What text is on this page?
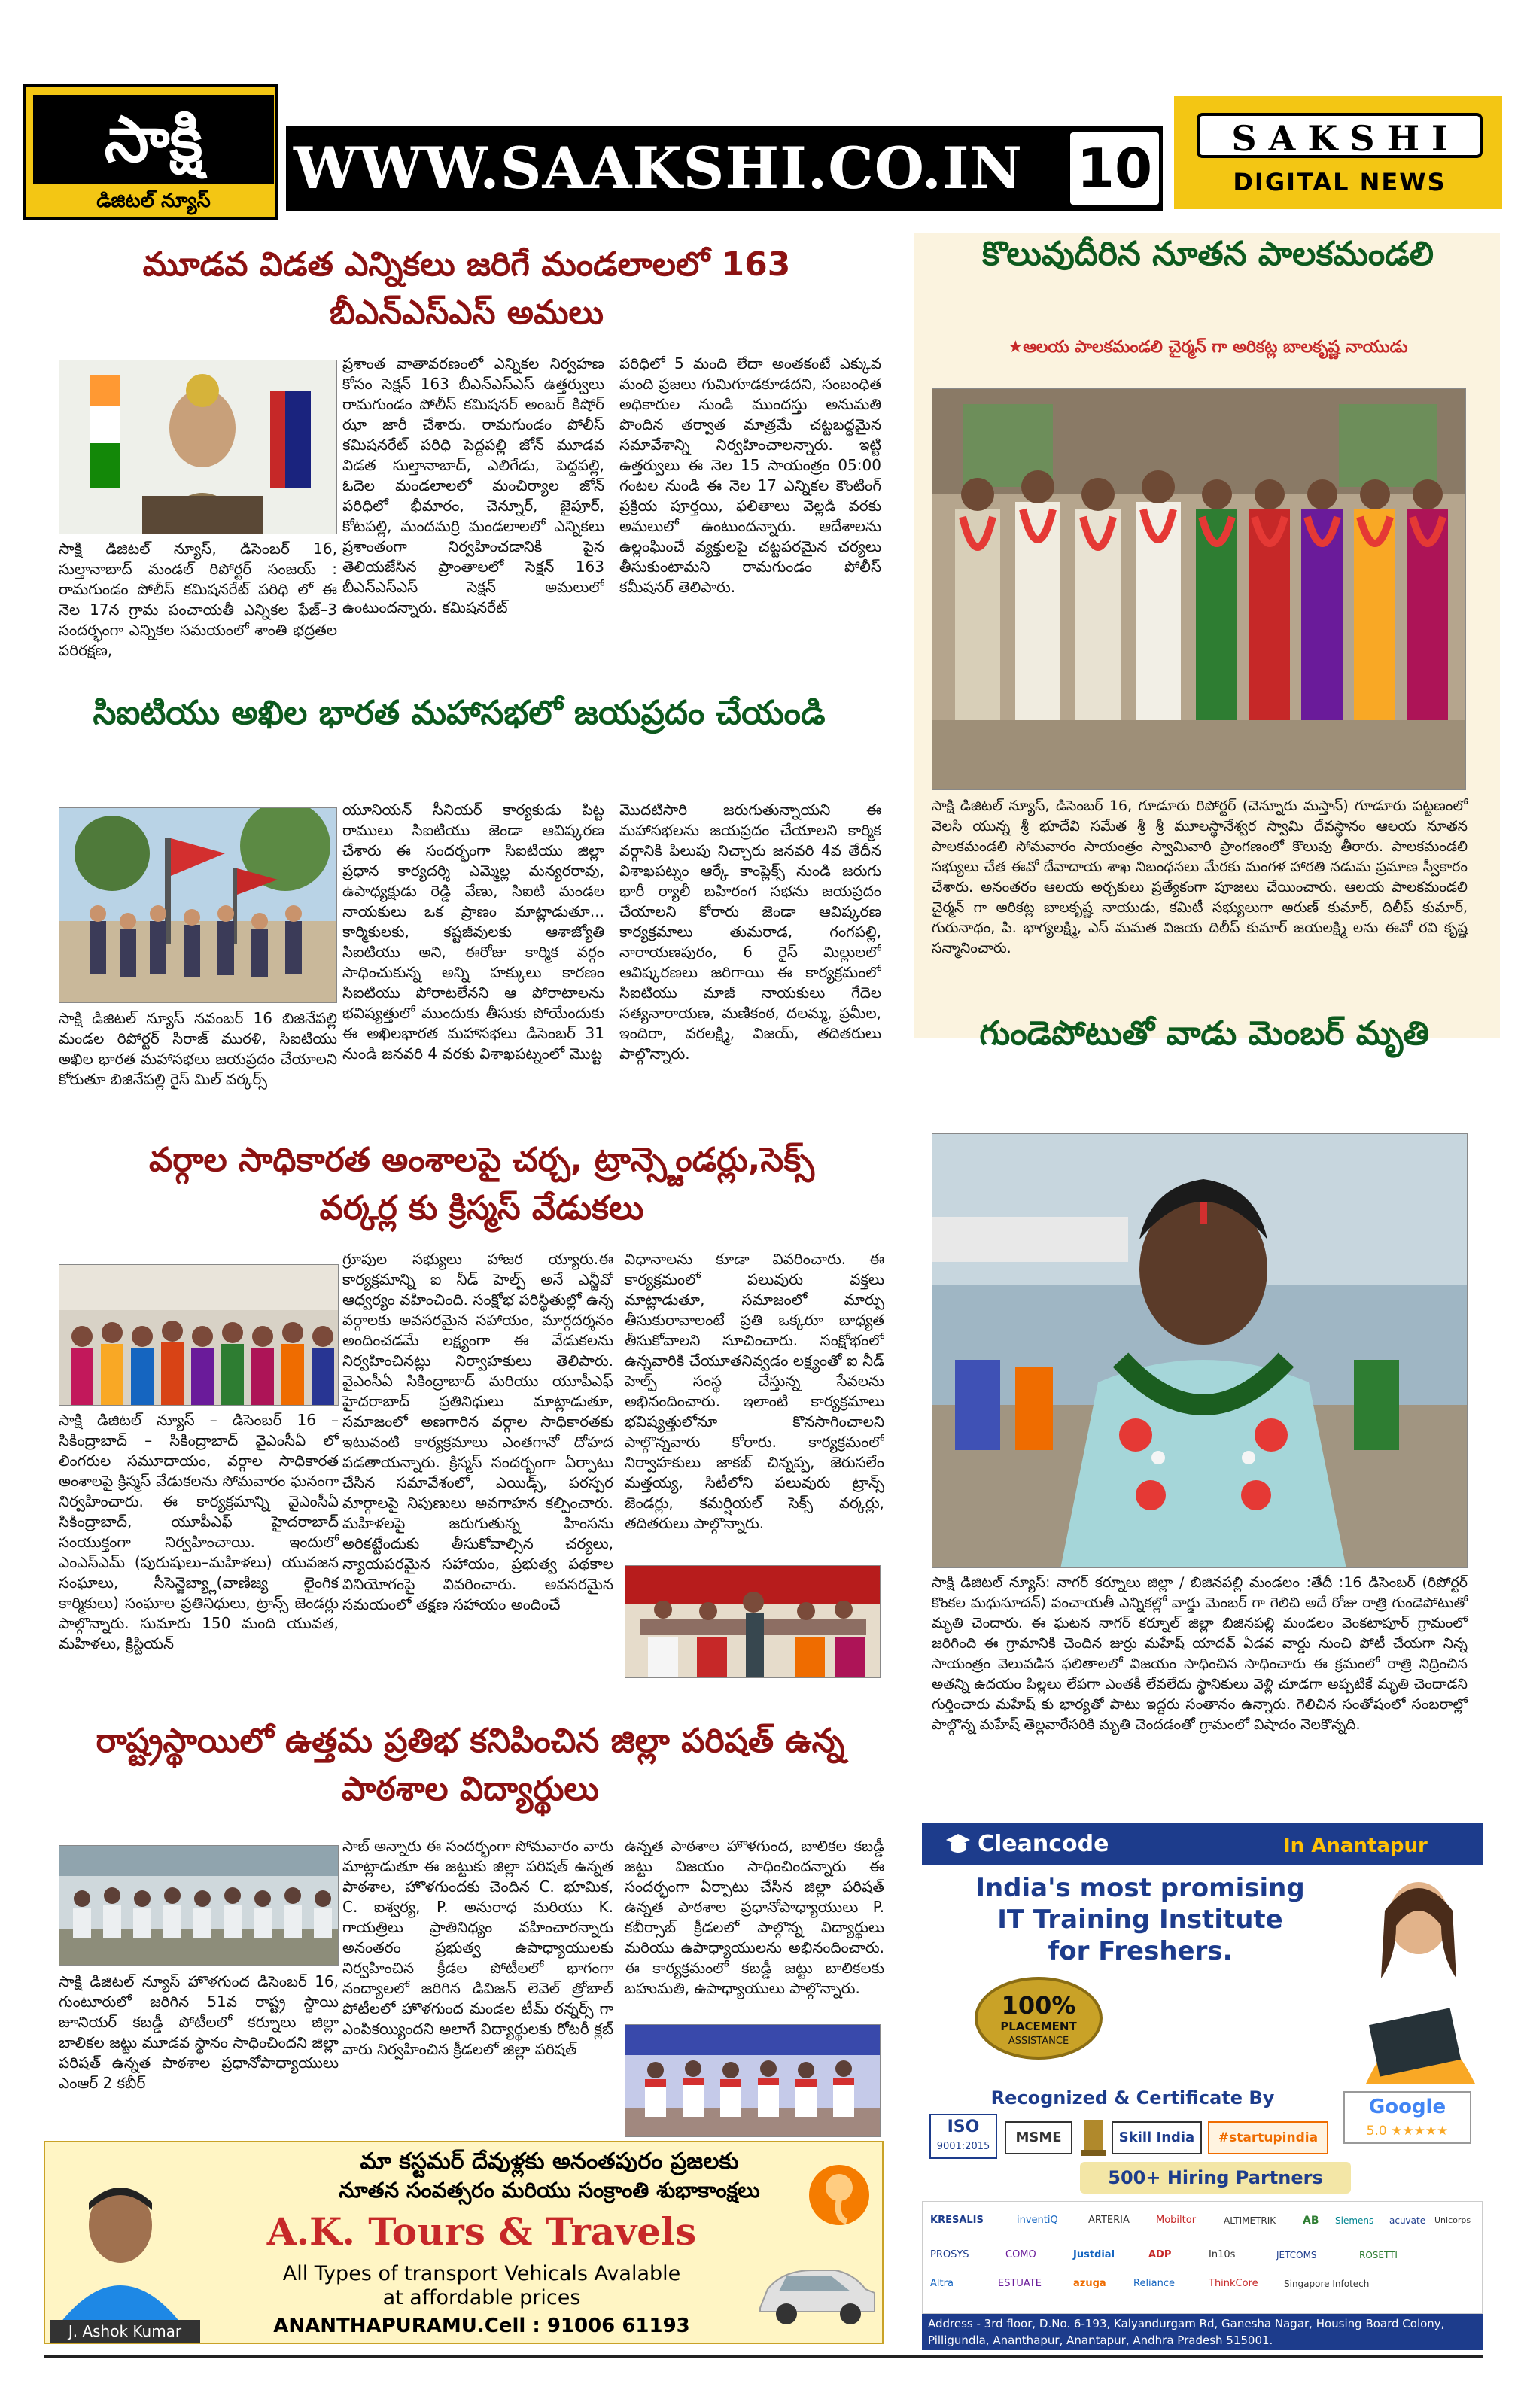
సాక్షి
డిజిటల్ న్యూస్	WWW.SAAKSHI.CO.IN 10	S A K S H I
DIGITAL NEWS
మూడవ విడత ఎన్నికలు జరిగే మండలాలలో 163 బీఎన్ఎస్ఎస్ అమలు
సాక్షి డిజిటల్ న్యూస్, డిసెంబర్ 16, సుల్తానాబాద్ మండల్ రిపోర్టర్ సంజయ్ : రామగుండం పోలీస్ కమిషనరేట్ పరిధి లో ఈ నెల 17న గ్రామ పంచాయతీ ఎన్నికల ఫేజ్–3 సందర్భంగా ఎన్నికల సమయంలో శాంతి భద్రతల పరిరక్షణ,
ప్రశాంత వాతావరణంలో ఎన్నికల నిర్వహణ కోసం సెక్షన్ 163 బీఎన్ఎస్ఎస్ ఉత్తర్వులు రామగుండం పోలీస్ కమిషనర్ అంబర్ కిషోర్ ఝా జారీ చేశారు. రామగుండం పోలీస్ కమిషనరేట్ పరిధి పెద్దపల్లి జోన్ మూడవ విడత సుల్తానాబాద్, ఎలిగేడు, పెద్దపల్లి, ఓదెల మండలాలలో మంచిర్యాల జోన్ పరిధిలో భీమారం, చెన్నూర్, జైపూర్, కోటపల్లి, మందమర్రి మండలాలలో ఎన్నికలు ప్రశాంతంగా నిర్వహించడానికి పైన తెలియజేసిన ప్రాంతాలలో సెక్షన్ 163 బీఎన్ఎస్ఎస్ సెక్షన్ అమలులో ఉంటుందన్నారు. కమిషనరేట్
పరిధిలో 5 మంది లేదా అంతకంటే ఎక్కువ మంది ప్రజలు గుమిగూడకూడదని, సంబంధిత అధికారుల నుండి ముందస్తు అనుమతి పొందిన తర్వాత మాత్రమే చట్టబద్ధమైన సమావేశాన్ని నిర్వహించాలన్నారు. ఇట్టి ఉత్తర్వులు ఈ నెల 15 సాయంత్రం 05:00 గంటల నుండి ఈ నెల 17 ఎన్నికల కౌంటింగ్ ప్రక్రియ పూర్తయి, ఫలితాలు వెల్లడి వరకు అమలులో ఉంటుందన్నారు. ఆదేశాలను ఉల్లంఘించే వ్యక్తులపై చట్టపరమైన చర్యలు తీసుకుంటామని రామగుండం పోలీస్ కమీషనర్ తెలిపారు.
సిఐటియు అఖిల భారత మహాసభలో జయప్రదం చేయండి
సాక్షి డిజిటల్ న్యూస్ నవంబర్ 16 బిజినేపల్లి మండల రిపోర్టర్ సిరాజ్ మురళి, సిఐటియు అఖిల భారత మహాసభలు జయప్రదం చేయాలని కోరుతూ బిజినేపల్లి రైస్ మిల్ వర్కర్స్
యూనియన్ సీనియర్ కార్యకుడు పిట్ట రాములు సిఐటియు జెండా ఆవిష్కరణ చేశారు ఈ సందర్భంగా సిఐటియు జిల్లా ప్రధాన కార్యదర్శి ఎమ్మెల్ల మన్యరరావు, ఉపాధ్యక్షుడు రెడ్డి వేణు, సిఐటి మండల నాయకులు ఒక ప్రాణం మాట్లాడుతూ... కార్మికులకు, కష్టజీవులకు ఆశాజ్యోతి సిఐటియు అని, ఈరోజు కార్మిక వర్గం సాధించుకున్న అన్ని హక్కులు కారణం సిఐటియు పోరాటలేనని ఆ పోరాటాలను భవిష్యత్తులో ముందుకు తీసుకు పోయేందుకు ఈ అఖిలభారత మహాసభలు డిసెంబర్ 31 నుండి జనవరి 4 వరకు విశాఖపట్నంలో మొట్ట
మొదటిసారి జరుగుతున్నాయని ఈ మహాసభలను జయప్రదం చేయాలని కార్మిక వర్గానికి పిలుపు నిచ్చారు జనవరి 4వ తేదీన విశాఖపట్నం ఆర్కే కాంప్లెక్స్ నుండి జరుగు భారీ ర్యాలీ బహిరంగ సభను జయప్రదం చేయాలని కోరారు జెండా ఆవిష్కరణ కార్యక్రమాలు తుమరాడ, గంగపల్లి, నారాయణపురం, 6 రైస్ మిల్లులలో ఆవిష్కరణలు జరిగాయి ఈ కార్యక్రమంలో సిఐటియు మాజీ నాయకులు గేదెల సత్యనారాయణ, మణికంఠ, దలమ్మ, ప్రమీల, ఇందిరా, వరలక్ష్మి, విజయ్, తదితరులు పాల్గొన్నారు.
వర్గాల సాధికారత అంశాలపై చర్చ, ట్రాన్స్జెండర్లు,సెక్స్ వర్కర్ల కు క్రిస్మస్ వేడుకలు
సాక్షి డిజిటల్ న్యూస్ – డిసెంబర్ 16 – సికింద్రాబాద్ – సికింద్రాబాద్ వైఎంసీఏ లో లింగరుల సమూదాయం, వర్గాల సాధికారత అంశాలపై క్రిస్మస్ వేడుకలను సోమవారం ఘనంగా నిర్వహించారు. ఈ కార్యక్రమాన్ని వైఎంసీఏ సికింద్రాబాద్, యూపీఎఫ్ హైదరాబాద్ సంయుక్తంగా నిర్వహించాయి. ఇందులో ఎంఎస్ఎమ్ (పురుషులు–మహిళలు) యువజన సంఘాలు, సీసెన్జెబ్య్లా(వాణిజ్య లైంగిక కార్మికులు) సంఘాల ప్రతినిధులు, ట్రాన్స్ జెండర్లు పాల్గొన్నారు. సుమారు 150 మంది యువత, మహిళలు, క్రిస్టియన్
గ్రూపుల సభ్యులు హాజర య్యారు.ఈ కార్యక్రమాన్ని ఐ నీడ్ హెల్ప్ అనే ఎన్జీవో ఆధ్వర్యం వహించింది. సంక్షోభ పరిస్థితుల్లో ఉన్న వర్గాలకు అవసరమైన సహాయం, మార్గదర్శనం అందించడమే లక్ష్యంగా ఈ వేడుకలను నిర్వహించినట్లు నిర్వాహకులు తెలిపారు. వైఎంసీఏ సికింద్రాబాద్ మరియు యూపీఎఫ్ హైదరాబాద్ ప్రతినిధులు మాట్లాడుతూ, సమాజంలో అణగారిన వర్గాల సాధికారతకు ఇటువంటి కార్యక్రమాలు ఎంతగానో దోహద పడతాయన్నారు. క్రిస్మస్ సందర్భంగా ఏర్పాటు చేసిన సమావేశంలో, ఎయిడ్స్, పరస్పర మార్గాలపై నిపుణులు అవగాహన కల్పించారు. మహిళలపై జరుగుతున్న హింసను అరికట్టేందుకు తీసుకోవాల్సిన చర్యలు, న్యాయపరమైన సహాయం, ప్రభుత్వ పథకాల వినియోగంపై వివరించారు. అవసరమైన సమయంలో తక్షణ సహాయం అందించే
విధానాలను కూడా వివరించారు. ఈ కార్యక్రమంలో పలువురు వక్తలు మాట్లాడుతూ, సమాజంలో మార్పు తీసుకురావాలంటే ప్రతి ఒక్కరూ బాధ్యత తీసుకోవాలని సూచించారు. సంక్షోభంలో ఉన్నవారికి చేయూతనివ్వడం లక్ష్యంతో ఐ నీడ్ హెల్ప్ సంస్థ చేస్తున్న సేవలను అభినందించారు. ఇలాంటి కార్యక్రమాలు భవిష్యత్తులోనూ కొనసాగించాలని పాల్గొన్నవారు కోరారు. కార్యక్రమంలో నిర్వాహకులు జాకబ్ చిన్నప్ప, జెరుసలేం మత్తయ్య, సిటీలోని పలువురు ట్రాన్స్ జెండర్లు, కమర్షియల్ సెక్స్ వర్కర్లు, తదితరులు పాల్గొన్నారు.
రాష్ట్రస్థాయిలో ఉత్తమ ప్రతిభ కనిపించిన జిల్లా పరిషత్ ఉన్న పాఠశాల విద్యార్థులు
సాక్షి డిజిటల్ న్యూస్ హొళగుంద డిసెంబర్ 16, గుంటూరులో జరిగిన 51వ రాష్ట్ర స్థాయి జూనియర్ కబడ్డీ పోటీలలో కర్నూలు జిల్లా బాలికల జట్టు మూడవ స్థానం సాధించిందని జిల్లా పరిషత్ ఉన్నత పాఠశాల ప్రధానోపాధ్యాయులు ఎంఆర్ 2 కబీర్
సాబ్ అన్నారు ఈ సందర్భంగా సోమవారం వారు మాట్లాడుతూ ఈ జట్టుకు జిల్లా పరిషత్ ఉన్నత పాఠశాల, హొళగుందకు చెందిన C. భూమిక, C. ఐశ్వర్య, P. అనురాధ మరియు K. గాయత్రిలు ప్రాతినిధ్యం వహించారన్నారు అనంతరం ప్రభుత్వ ఉపాధ్యాయులకు నిర్వహించిన క్రీడల పోటీలలో భాగంగా నంద్యాలలో జరిగిన డివిజన్ లెవెల్ త్రోబాల్ పోటీలలో హొళగుంద మండల టీమ్ రన్నర్స్ గా ఎంపికయ్యిందని అలాగే విద్యార్థులకు రోటరీ క్లబ్ వారు నిర్వహించిన క్రీడలలో జిల్లా పరిషత్
ఉన్నత పాఠశాల హొళగుంద, బాలికల కబడ్డీ జట్టు విజయం సాధించిందన్నారు ఈ సందర్భంగా ఏర్పాటు చేసిన జిల్లా పరిషత్ ఉన్నత పాఠశాల ప్రధానోపాధ్యాయులు P. కబీర్సాబ్ క్రీడలలో పాల్గొన్న విద్యార్థులు మరియు ఉపాధ్యాయులను అభినందించారు. ఈ కార్యక్రమంలో కబడ్డీ జట్టు బాలికలకు బహుమతి, ఉపాధ్యాయులు పాల్గొన్నారు.
మా కస్టమర్ దేవుళ్లకు అనంతపురం ప్రజలకు
నూతన సంవత్సరం మరియు సంక్రాంతి శుభాకాంక్షలు
A.K. Tours & Travels
All Types of transport Vehicals Avalable
at affordable prices
ANANTHAPURAMU.Cell : 91006 61193
J. Ashok Kumar
కొలువుదీరిన నూతన పాలకమండలి
★ఆలయ పాలకమండలి చైర్మన్ గా అరికట్ల బాలకృష్ణ నాయుడు
సాక్షి డిజిటల్ న్యూస్, డిసెంబర్ 16, గూడూరు రిపోర్టర్ (చెన్నూరు మస్తాన్) గూడూరు పట్టణంలో వెలసి యున్న శ్రీ భూదేవి సమేత శ్రీ శ్రీ మూలస్థానేశ్వర స్వామి దేవస్థానం ఆలయ నూతన పాలకమండలి సోమవారం సాయంత్రం స్వామివారి ప్రాంగణంలో కొలువు తీరారు. పాలకమండలి సభ్యులు చేత ఈవో దేవాదాయ శాఖ నిబంధనలు మేరకు మంగళ హారతి నడుమ ప్రమాణ స్వీకారం చేశారు. అనంతరం ఆలయ అర్చకులు ప్రత్యేకంగా పూజలు చేయించారు. ఆలయ పాలకమండలి చైర్మన్ గా అరికట్ల బాలకృష్ణ నాయుడు, కమిటీ సభ్యులుగా అరుణ్ కుమార్, దిలీప్ కుమార్, గురునాథం, పి. భాగ్యలక్ష్మి, ఎస్ మమత విజయ దిలీప్ కుమార్ జయలక్ష్మి లను ఈవో రవి కృష్ణ సన్మానించారు.
గుండెపోటుతో వాడు మెంబర్ మృతి
సాక్షి డిజిటల్ న్యూస్: నాగర్ కర్నూలు జిల్లా / బిజినపల్లి మండలం :తేదీ :16 డిసెంబర్ (రిపోర్టర్ కొంకల మధుసూదన్) పంచాయతీ ఎన్నికల్లో వార్డు మెంబర్ గా గెలిచి అదే రోజు రాత్రి గుండెపోటుతో మృతి చెందారు. ఈ ఘటన నాగర్ కర్నూల్ జిల్లా బిజినపల్లి మండలం వెంకటాపూర్ గ్రామంలో జరిగింది ఈ గ్రామానికి చెందిన జుర్రు మహేష్ యాదవ్ ఏడవ వార్డు నుంచి పోటీ చేయగా నిన్న సాయంత్రం వెలువడిన ఫలితాలలో విజయం సాధించిన సాధించారు ఈ క్రమంలో రాత్రి నిద్రించిన అతన్ని ఉదయం పిల్లలు లేపగా ఎంతకీ లేవలేదు స్థానికులు వెళ్లి చూడగా అప్పటికే మృతి చెందాడని గుర్తించారు మహేష్ కు భార్యతో పాటు ఇద్దరు సంతానం ఉన్నారు. గెలిచిన సంతోషంలో సంబరాల్లో పాల్గొన్న మహేష్ తెల్లవారేసరికి మృతి చెందడంతో గ్రామంలో విషాదం నెలకొన్నది.
Cleancode	In Anantapur
India's most promising
IT Training Institute
for Freshers.
100%
PLACEMENT
ASSISTANCE
Recognized & Certificate By
ISO
9001:2015
MSME	Skill India	#startupindia
Google
5.0 ★★★★★
500+ Hiring Partners
KRESALIS	inventiQ	ARTERIA	Mobiltor	ALTIMETRIK	AB	Siemens	acuvate	Unicorps
PROSYS	COMO	Justdial	ADP	In10s	JETCOMS	ROSETTI
Altra	ESTUATE	azuga	Reliance	ThinkCore	Singapore Infotech
Address - 3rd floor, D.No. 6-193, Kalyandurgam Rd, Ganesha Nagar, Housing Board Colony, Pilligundla, Ananthapur, Anantapur, Andhra Pradesh 515001.
